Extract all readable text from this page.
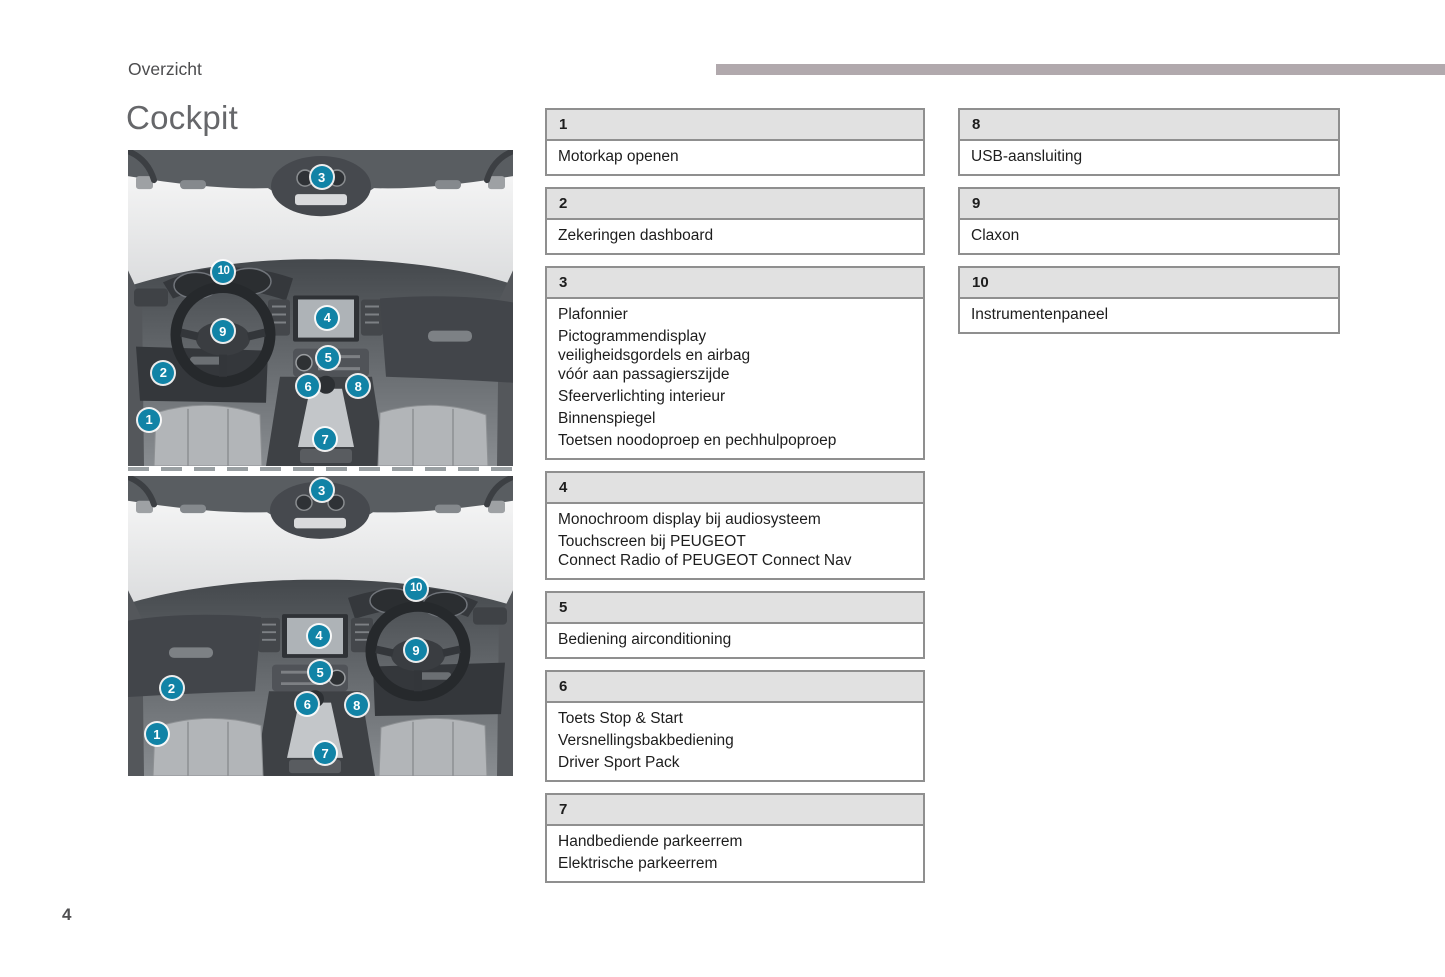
Overzicht
Cockpit
1
2
3
4
5
6
7
8
9
10
1
2
3
4
5
6
7
8
9
10
1
Motorkap openen
2
Zekeringen dashboard
3
Plafonnier
Pictogrammendisplay
veiligheidsgordels en airbag
vóór aan passagierszijde
Sfeerverlichting interieur
Binnenspiegel
Toetsen noodoproep en pechhulpoproep
4
Monochroom display bij audiosysteem
Touchscreen bij PEUGEOT
Connect Radio of PEUGEOT Connect Nav
5
Bediening airconditioning
6
Toets Stop & Start
Versnellingsbakbediening
Driver Sport Pack
7
Handbediende parkeerrem
Elektrische parkeerrem
8
USB-aansluiting
9
Claxon
10
Instrumentenpaneel
4
